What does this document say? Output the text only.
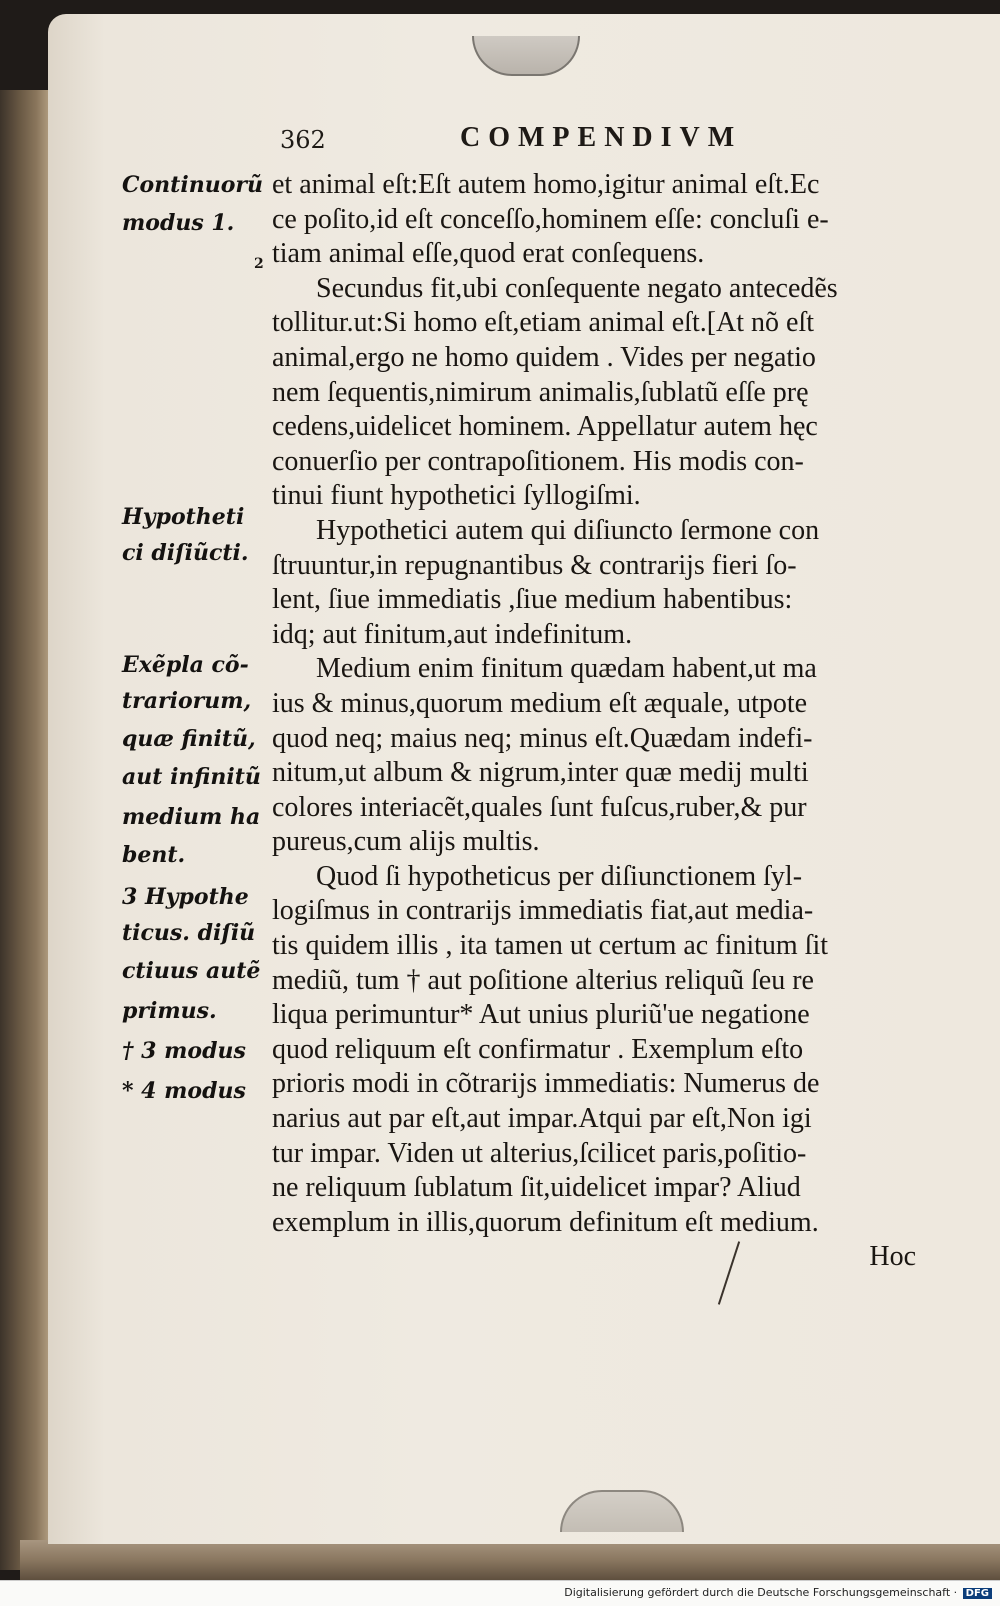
362	COMPENDIVM
2
Continuorũ
modus 1.
Hypotheti
ci diſiũcti.
Exẽpla cõ-
trariorum,
quæ finitũ,
aut infinitũ
medium ha
bent.
3 Hypothe
ticus. diſiũ
ctiuus autẽ
primus.
† 3 modus
* 4 modus
et animal eſt:Eſt autem homo,igitur animal eſt.Ec
ce poſito,id eſt conceſſo,hominem eſſe: concluſi e-
tiam animal eſſe,quod erat conſequens.
Secundus fit,ubi conſequente negato antecedẽs
tollitur.ut:Si homo eſt,etiam animal eſt.[At nõ eſt
animal,ergo ne homo quidem . Vides per negatio
nem ſequentis,nimirum animalis,ſublatũ eſſe prę
cedens,uidelicet hominem. Appellatur autem hęc
conuerſio per contrapoſitionem. His modis con-
tinui fiunt hypothetici ſyllogiſmi.
Hypothetici autem qui diſiuncto ſermone con
ſtruuntur,in repugnantibus & contrarijs fieri ſo-
lent, ſiue immediatis ,ſiue medium habentibus:
idq; aut finitum,aut indefinitum.
Medium enim finitum quædam habent,ut ma
ius & minus,quorum medium eſt æquale, utpote
quod neq; maius neq; minus eſt.Quædam indefi-
nitum,ut album & nigrum,inter quæ medij multi
colores interiacẽt,quales ſunt fuſcus,ruber,& pur
pureus,cum alijs multis.
Quod ſi hypotheticus per diſiunctionem ſyl-
logiſmus in contrarijs immediatis fiat,aut media-
tis quidem illis , ita tamen ut certum ac finitum ſit
mediũ, tum † aut poſitione alterius reliquũ ſeu re
liqua perimuntur* Aut unius pluriũ'ue negatione
quod reliquum eſt confirmatur . Exemplum eſto
prioris modi in cõtrarijs immediatis: Numerus de
narius aut par eſt,aut impar.Atqui par eſt,Non igi
tur impar. Viden ut alterius,ſcilicet paris,poſitio-
ne reliquum ſublatum ſit,uidelicet impar? Aliud
exemplum in illis,quorum definitum eſt medium.
Hoc
Digitalisierung gefördert durch die Deutsche Forschungsgemeinschaft · DFG
